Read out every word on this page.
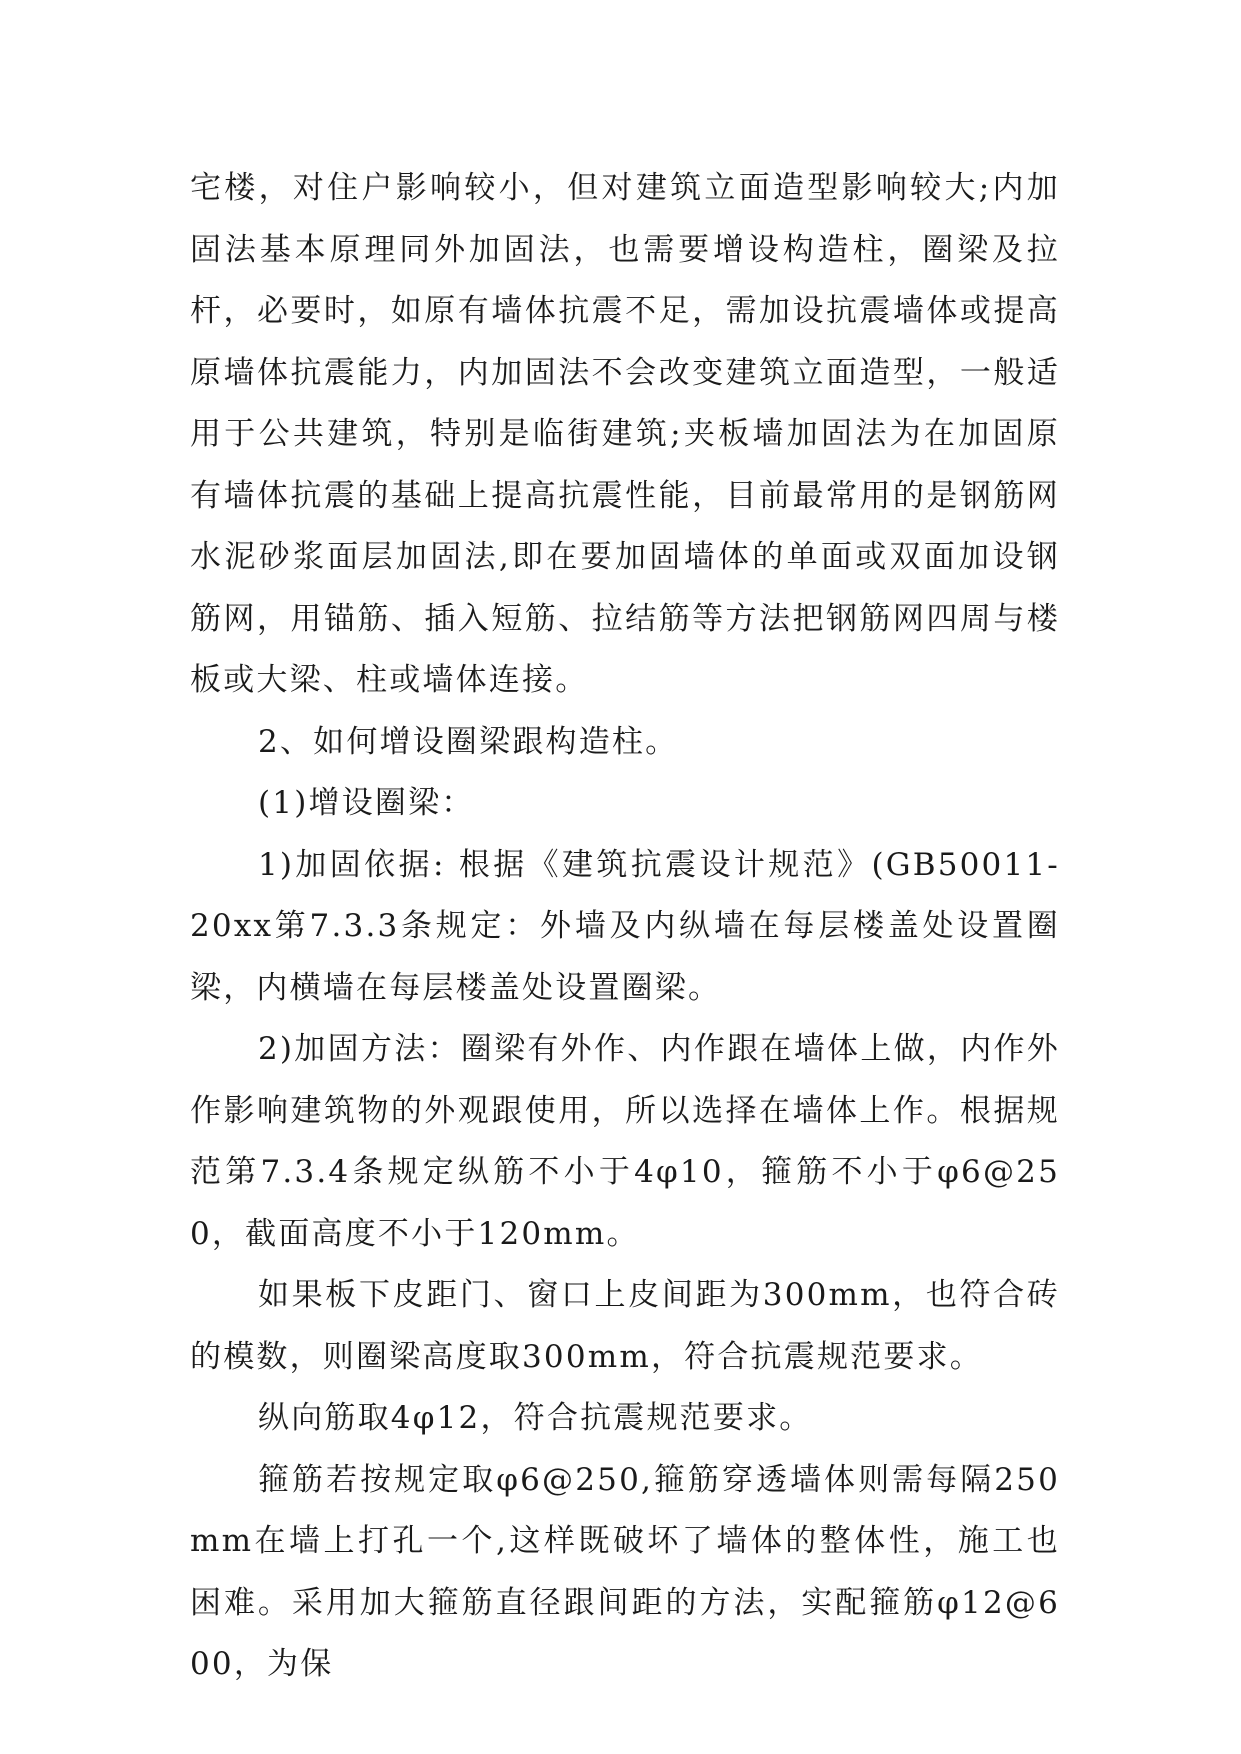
宅楼，对住户影响较小，但对建筑立面造型影响较大;内加固法基本原理同外加固法，也需要增设构造柱，圈梁及拉杆，必要时，如原有墙体抗震不足，需加设抗震墙体或提高原墙体抗震能力，内加固法不会改变建筑立面造型，一般适用于公共建筑，特别是临街建筑;夹板墙加固法为在加固原有墙体抗震的基础上提高抗震性能，目前最常用的是钢筋网水泥砂浆面层加固法,即在要加固墙体的单面或双面加设钢筋网，用锚筋、插入短筋、拉结筋等方法把钢筋网四周与楼板或大梁、柱或墙体连接。

2、如何增设圈梁跟构造柱。

(1)增设圈梁：

1)加固依据: 根据《建筑抗震设计规范》(GB50011-20xx第7.3.3条规定：外墙及内纵墙在每层楼盖处设置圈梁，内横墙在每层楼盖处设置圈梁。

2)加固方法：圈梁有外作、内作跟在墙体上做，内作外作影响建筑物的外观跟使用，所以选择在墙体上作。根据规范第7.3.4条规定纵筋不小于4φ10，箍筋不小于φ6@250，截面高度不小于120mm。

如果板下皮距门、窗口上皮间距为300mm，也符合砖的模数，则圈梁高度取300mm，符合抗震规范要求。

纵向筋取4φ12，符合抗震规范要求。

箍筋若按规定取φ6@250,箍筋穿透墙体则需每隔250mm在墙上打孔一个,这样既破坏了墙体的整体性，施工也困难。采用加大箍筋直径跟间距的方法，实配箍筋φ12@600，为保
